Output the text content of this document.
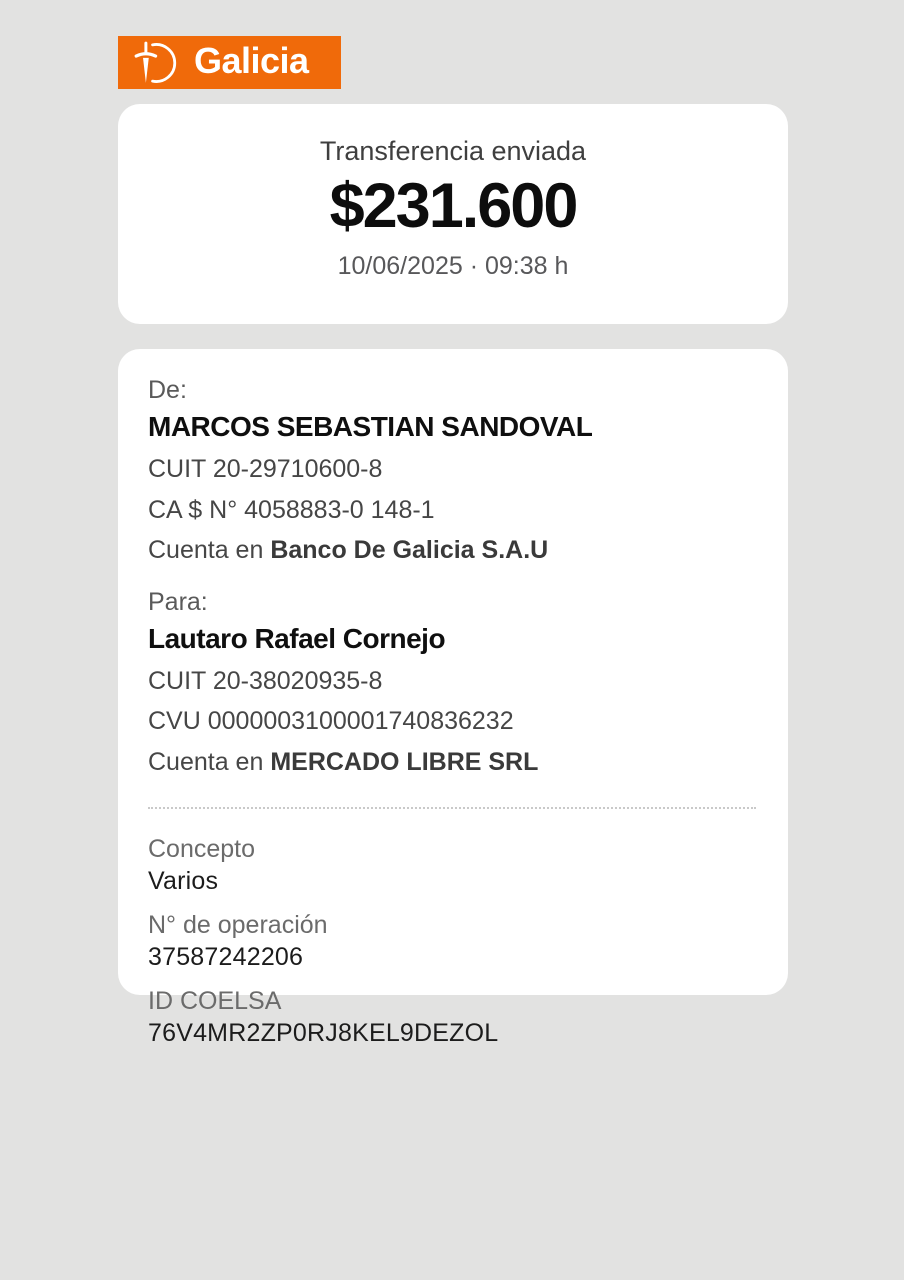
Galicia
Transferencia enviada
$231.600
10/06/2025 · 09:38 h
De:
MARCOS SEBASTIAN SANDOVAL
CUIT 20-29710600-8
CA $ N° 4058883-0 148-1
Cuenta en Banco De Galicia S.A.U
Para:
Lautaro Rafael Cornejo
CUIT 20-38020935-8
CVU 0000003100001740836232
Cuenta en MERCADO LIBRE SRL
Concepto
Varios
N° de operación
37587242206
ID COELSA
76V4MR2ZP0RJ8KEL9DEZOL
